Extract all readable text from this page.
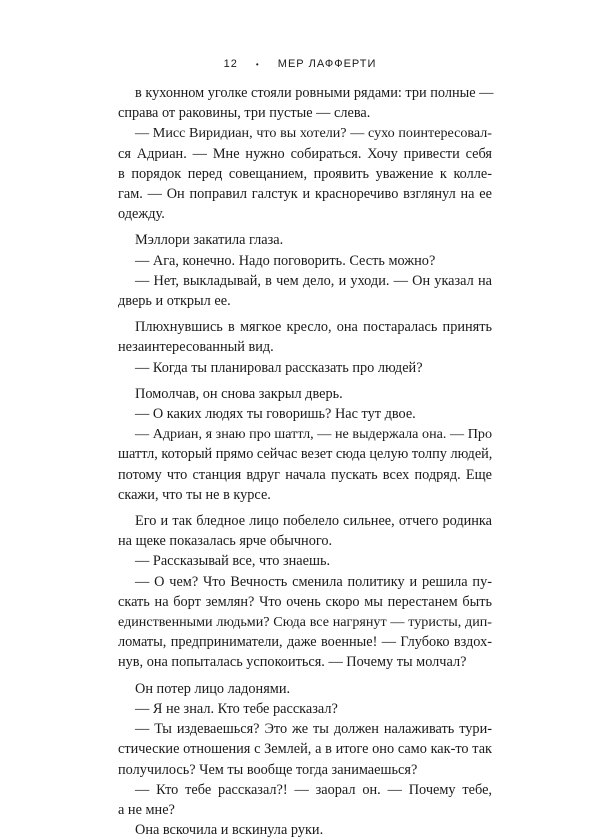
12 • МЕР ЛАФФЕРТИ
в кухонном уголке стояли ровными рядами: три полные —
справа от раковины, три пустые — слева.
— Мисс Виридиан, что вы хотели? — сухо поинтересовал-
ся Адриан. — Мне нужно собираться. Хочу привести себя
в порядок перед совещанием, проявить уважение к колле-
гам. — Он поправил галстук и красноречиво взглянул на ее
одежду.
Мэллори закатила глаза.
— Ага, конечно. Надо поговорить. Сесть можно?
— Нет, выкладывай, в чем дело, и уходи. — Он указал на
дверь и открыл ее.
Плюхнувшись в мягкое кресло, она постаралась принять
незаинтересованный вид.
— Когда ты планировал рассказать про людей?
Помолчав, он снова закрыл дверь.
— О каких людях ты говоришь? Нас тут двое.
— Адриан, я знаю про шаттл, — не выдержала она. — Про
шаттл, который прямо сейчас везет сюда целую толпу людей,
потому что станция вдруг начала пускать всех подряд. Еще
скажи, что ты не в курсе.
Его и так бледное лицо побелело сильнее, отчего родинка
на щеке показалась ярче обычного.
— Рассказывай все, что знаешь.
— О чем? Что Вечность сменила политику и решила пу-
скать на борт землян? Что очень скоро мы перестанем быть
единственными людьми? Сюда все нагрянут — туристы, дип-
ломаты, предприниматели, даже военные! — Глубоко вздох-
нув, она попыталась успокоиться. — Почему ты молчал?
Он потер лицо ладонями.
— Я не знал. Кто тебе рассказал?
— Ты издеваешься? Это же ты должен налаживать тури-
стические отношения с Землей, а в итоге оно само как-то так
получилось? Чем ты вообще тогда занимаешься?
— Кто тебе рассказал?! — заорал он. — Почему тебе,
а не мне?
Она вскочила и вскинула руки.
